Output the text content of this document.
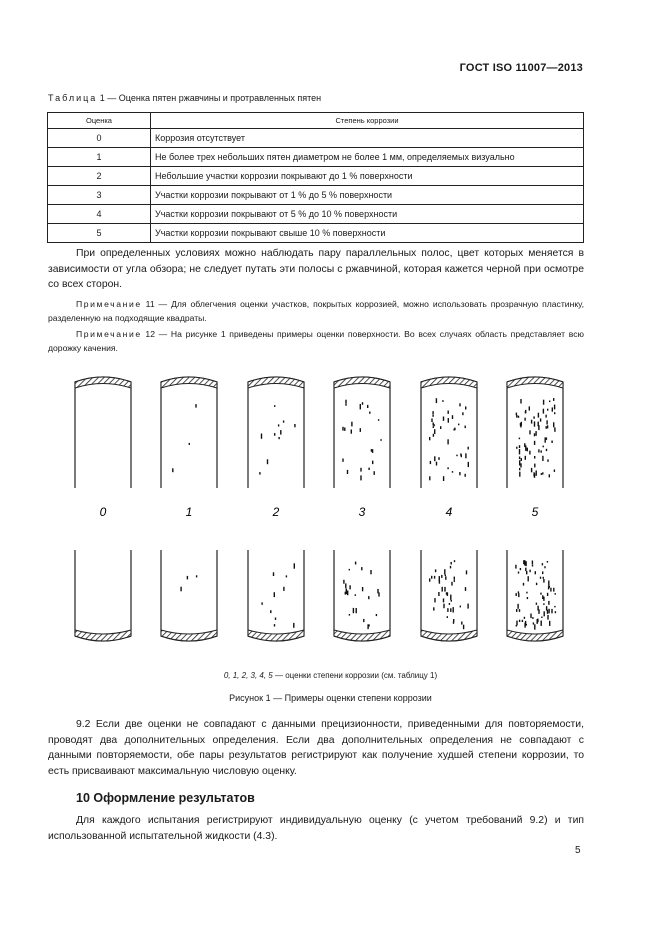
ГОСТ ISO 11007—2013
Таблица 1 — Оценка пятен ржавчины и протравленных пятен
Оценка	Степень коррозии
0	Коррозия отсутствует
1	Не более трех небольших пятен диаметром не более 1 мм, определяемых визуально
2	Небольшие участки коррозии покрывают до 1 % поверхности
3	Участки коррозии покрывают от 1 % до 5 % поверхности
4	Участки коррозии покрывают от 5 % до 10 % поверхности
5	Участки коррозии покрывают свыше 10 % поверхности

При определенных условиях можно наблюдать пару параллельных полос, цвет которых меняется в зависимости от угла обзора; не следует путать эти полосы с ржавчиной, которая кажется черной при осмотре со всех сторон.

Примечание 11 — Для облегчения оценки участков, покрытых коррозией, можно использовать прозрачную пластинку, разделенную на подходящие квадраты.

Примечание 12 — На рисунке 1 приведены примеры оценки поверхности. Во всех случаях область представляет всю дорожку качения.

0	1	2	3	4	5
0, 1, 2, 3, 4, 5 — оценки степени коррозии (см. таблицу 1)
Рисунок 1 — Примеры оценки степени коррозии

9.2 Если две оценки не совпадают с данными прецизионности, приведенными для повторяемости, проводят два дополнительных определения. Если два дополнительных определения не совпадают с данными повторяемости, обе пары результатов регистрируют как получение худшей степени коррозии, то есть присваивают максимальную числовую оценку.

10 Оформление результатов

Для каждого испытания регистрируют индивидуальную оценку (с учетом требований 9.2) и тип использованной испытательной жидкости (4.3).

5
